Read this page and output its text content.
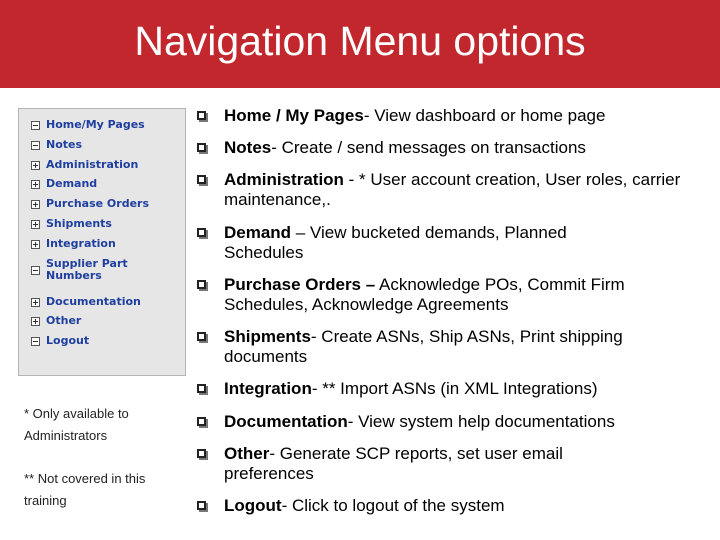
Navigation Menu options
Home/My Pages
Notes
Administration
Demand
Purchase Orders
Shipments
Integration
Supplier Part Numbers
Documentation
Other
Logout
* Only available to Administrators
** Not covered in this training
Home / My Pages- View dashboard or home page
Notes- Create / send messages on transactions
Administration - * User account creation, User roles, carrier maintenance,.
Demand – View bucketed demands, Planned Schedules
Purchase Orders – Acknowledge POs, Commit Firm Schedules, Acknowledge Agreements
Shipments- Create ASNs, Ship ASNs, Print shipping documents
Integration- ** Import ASNs (in XML Integrations)
Documentation- View system help documentations
Other- Generate SCP reports, set user email preferences
Logout- Click to logout of the system
